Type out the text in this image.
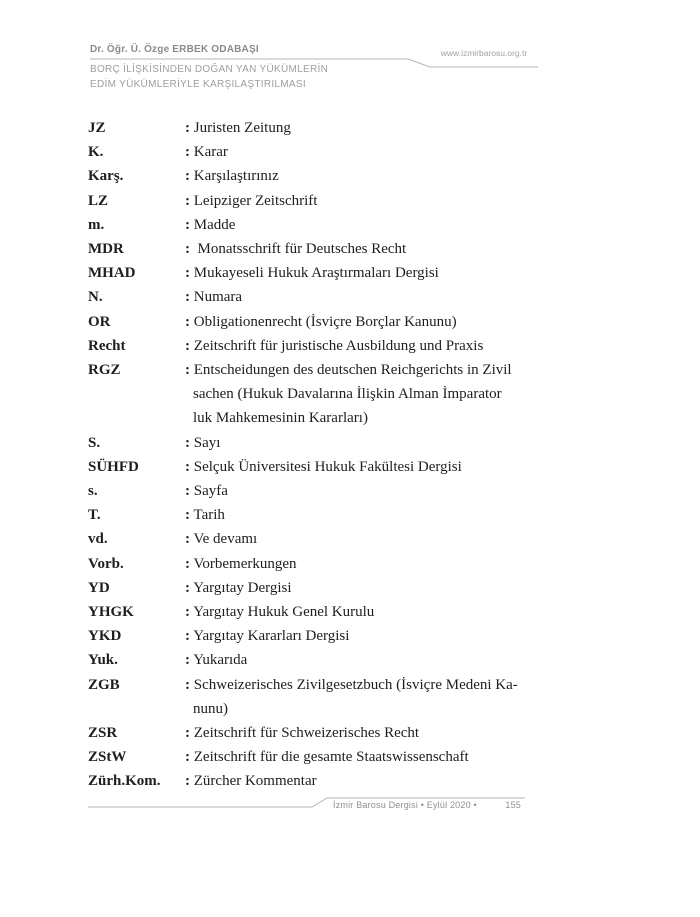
Dr. Öğr. Ü. Özge ERBEK ODABAŞI	www.izmirbarosu.org.tr
BORÇ İLİŞKİSİNDEN DOĞAN YAN YÜKÜMLERİN
EDİM YÜKÜMLERİYLE KARŞILAŞTIRILMASI
JZ	: Juristen Zeitung
K.	: Karar
Karş.	: Karşılaştırınız
LZ	: Leipziger Zeitschrift
m.	: Madde
MDR	:  Monatsschrift für Deutsches Recht
MHAD	: Mukayeseli Hukuk Araştırmaları Dergisi
N.	: Numara
OR	: Obligationenrecht (İsviçre Borçlar Kanunu)
Recht	: Zeitschrift für juristische Ausbildung und Praxis
RGZ	: Entscheidungen des deutschen Reichgerichts in Zivil
sachen (Hukuk Davalarına İlişkin Alman İmparator
luk Mahkemesinin Kararları)
S.	: Sayı
SÜHFD	: Selçuk Üniversitesi Hukuk Fakültesi Dergisi
s.	: Sayfa
T.	: Tarih
vd.	: Ve devamı
Vorb.	: Vorbemerkungen
YD	: Yargıtay Dergisi
YHGK	: Yargıtay Hukuk Genel Kurulu
YKD	: Yargıtay Kararları Dergisi
Yuk.	: Yukarıda
ZGB	: Schweizerisches Zivilgesetzbuch (İsviçre Medeni Ka-
nunu)
ZSR	: Zeitschrift für Schweizerisches Recht
ZStW	: Zeitschrift für die gesamte Staatswissenschaft
Zürh.Kom.	: Zürcher Kommentar
İzmir Barosu Dergisi • Eylül 2020 •	155
